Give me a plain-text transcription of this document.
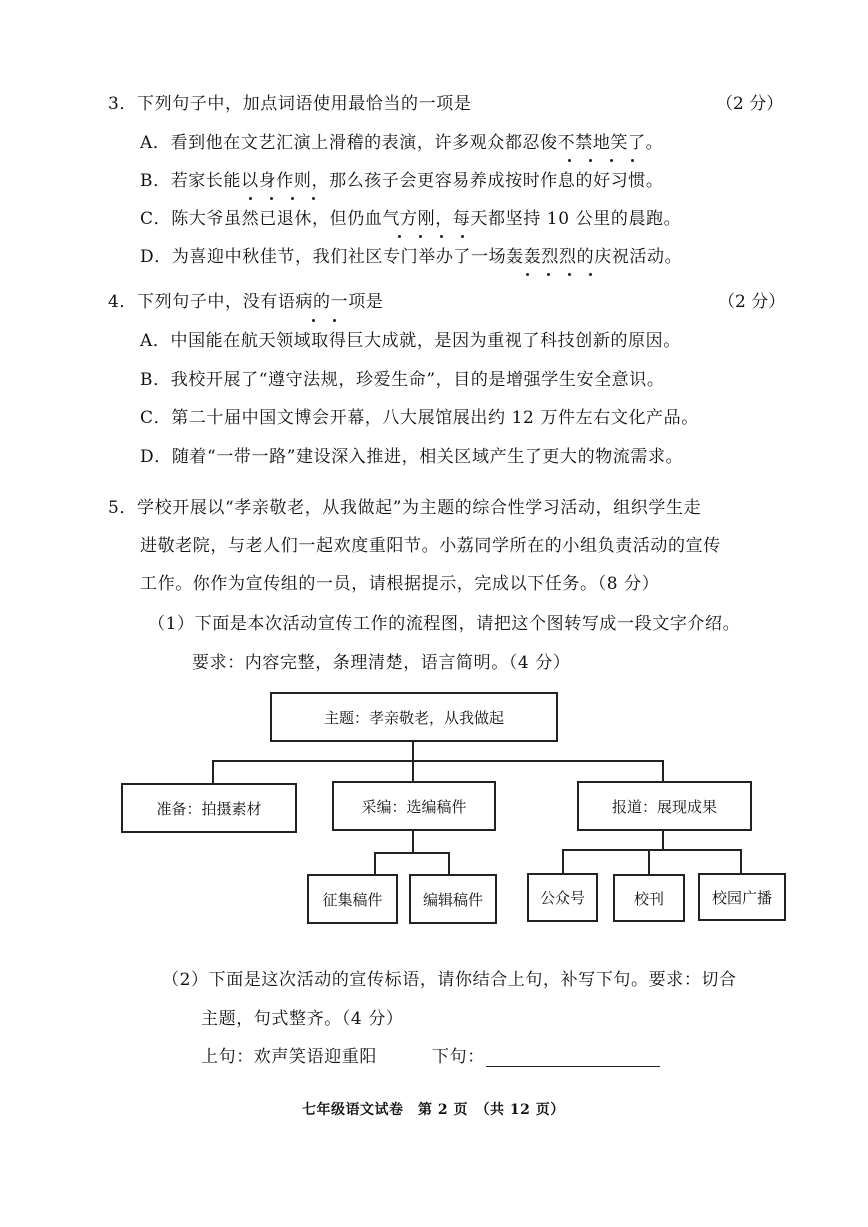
3．下列句子中，加点词语使用最恰当的一项是	（2 分）
A．看到他在文艺汇演上滑稽的表演，许多观众都忍俊不禁地笑了。
B．若家长能以身作则，那么孩子会更容易养成按时作息的好习惯。
C．陈大爷虽然已退休，但仍血气方刚，每天都坚持 10 公里的晨跑。
D．为喜迎中秋佳节，我们社区专门举办了一场轰轰烈烈的庆祝活动。
4．下列句子中，没有语病的一项是	（2 分）
A．中国能在航天领域取得巨大成就，是因为重视了科技创新的原因。
B．我校开展了“遵守法规，珍爱生命”，目的是增强学生安全意识。
C．第二十届中国文博会开幕，八大展馆展出约 12 万件左右文化产品。
D．随着“一带一路”建设深入推进，相关区域产生了更大的物流需求。
5．学校开展以“孝亲敬老，从我做起”为主题的综合性学习活动，组织学生走
进敬老院，与老人们一起欢度重阳节。小荔同学所在的小组负责活动的宣传
工作。你作为宣传组的一员，请根据提示，完成以下任务。（8 分）
（1）下面是本次活动宣传工作的流程图，请把这个图转写成一段文字介绍。
要求：内容完整，条理清楚，语言简明。（4 分）
主题：孝亲敬老，从我做起
准备：拍摄素材	采编：选编稿件	报道：展现成果
征集稿件	编辑稿件	公众号	校刊	校园广播
（2）下面是这次活动的宣传标语，请你结合上句，补写下句。要求：切合
主题，句式整齐。（4 分）
上句：欢声笑语迎重阳	下句：
七年级语文试卷　第 2 页　（共 12 页）
